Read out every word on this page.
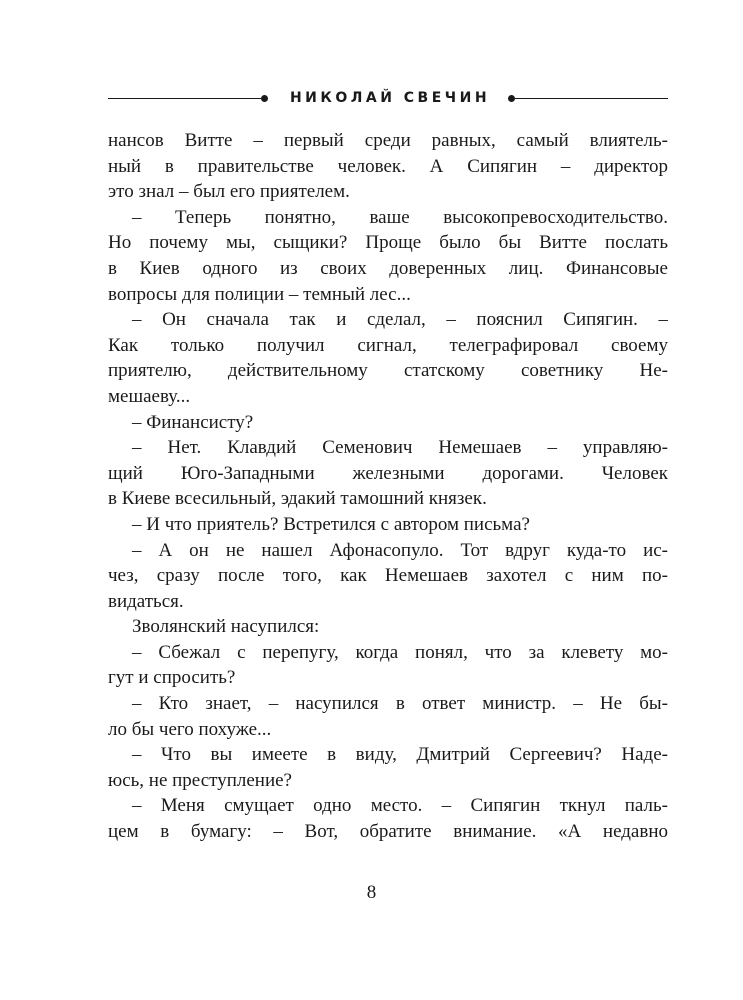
НИКОЛАЙ СВЕЧИН
нансов Витте – первый среди равных, самый влиятель-
ный в правительстве человек. А Сипягин – директор
это знал – был его приятелем.
– Теперь понятно, ваше высокопревосходительство.
Но почему мы, сыщики? Проще было бы Витте послать
в Киев одного из своих доверенных лиц. Финансовые
вопросы для полиции – темный лес...
– Он сначала так и сделал, – пояснил Сипягин. –
Как только получил сигнал, телеграфировал своему
приятелю, действительному статскому советнику Не-
мешаеву...
– Финансисту?
– Нет. Клавдий Семенович Немешаев – управляю-
щий Юго-Западными железными дорогами. Человек
в Киеве всесильный, эдакий тамошний князек.
– И что приятель? Встретился с автором письма?
– А он не нашел Афонасопуло. Тот вдруг куда-то ис-
чез, сразу после того, как Немешаев захотел с ним по-
видаться.
Зволянский насупился:
– Сбежал с перепугу, когда понял, что за клевету мо-
гут и спросить?
– Кто знает, – насупился в ответ министр. – Не бы-
ло бы чего похуже...
– Что вы имеете в виду, Дмитрий Сергеевич? Наде-
юсь, не преступление?
– Меня смущает одно место. – Сипягин ткнул паль-
цем в бумагу: – Вот, обратите внимание. «А недавно
8
